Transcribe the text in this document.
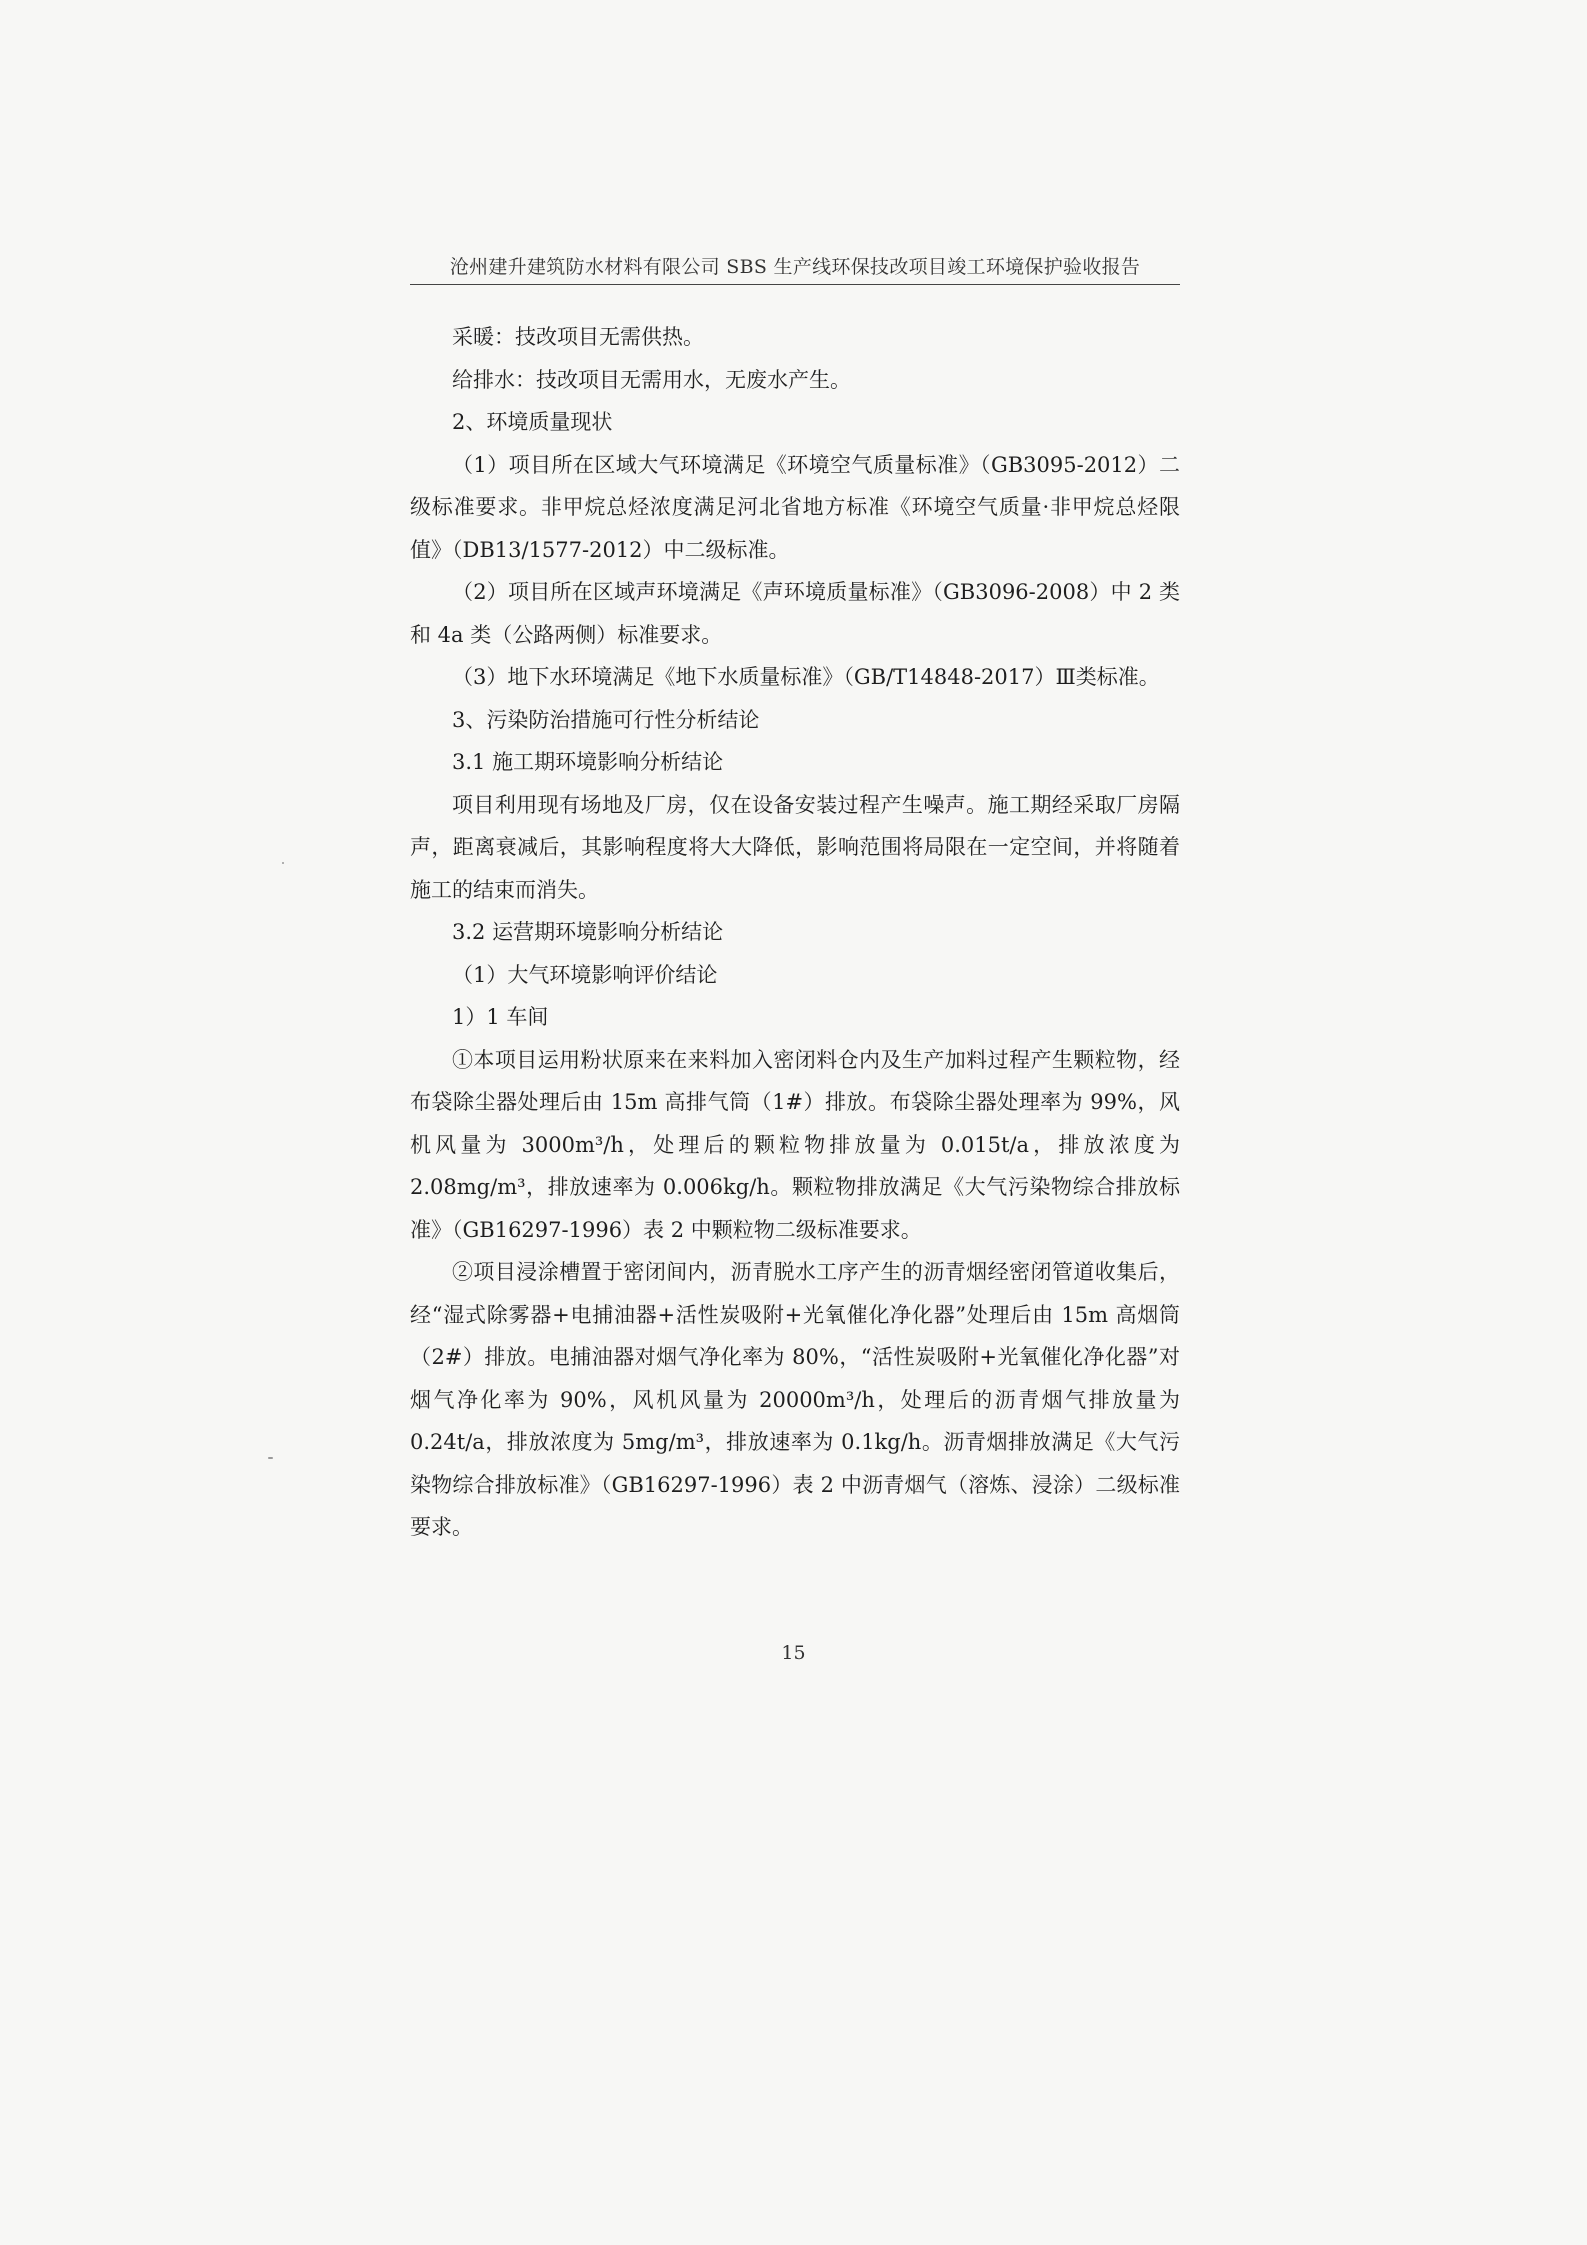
沧州建升建筑防水材料有限公司 SBS 生产线环保技改项目竣工环境保护验收报告

采暖：技改项目无需供热。

给排水：技改项目无需用水，无废水产生。

2、环境质量现状

（1）项目所在区域大气环境满足《环境空气质量标准》（GB3095-2012）二级标准要求。非甲烷总烃浓度满足河北省地方标准《环境空气质量·非甲烷总烃限值》（DB13/1577-2012）中二级标准。

（2）项目所在区域声环境满足《声环境质量标准》（GB3096-2008）中 2 类和 4a 类（公路两侧）标准要求。

（3）地下水环境满足《地下水质量标准》（GB/T14848-2017）Ⅲ类标准。

3、污染防治措施可行性分析结论

3.1 施工期环境影响分析结论

项目利用现有场地及厂房，仅在设备安装过程产生噪声。施工期经采取厂房隔声，距离衰减后，其影响程度将大大降低，影响范围将局限在一定空间，并将随着施工的结束而消失。

3.2 运营期环境影响分析结论

（1）大气环境影响评价结论

1）1 车间

①本项目运用粉状原来在来料加入密闭料仓内及生产加料过程产生颗粒物，经布袋除尘器处理后由 15m 高排气筒（1#）排放。布袋除尘器处理率为 99%，风机风量为 3000m³/h，处理后的颗粒物排放量为 0.015t/a，排放浓度为 2.08mg/m³，排放速率为 0.006kg/h。颗粒物排放满足《大气污染物综合排放标准》（GB16297-1996）表 2 中颗粒物二级标准要求。

②项目浸涂槽置于密闭间内，沥青脱水工序产生的沥青烟经密闭管道收集后，经“湿式除雾器+电捕油器+活性炭吸附+光氧催化净化器”处理后由 15m 高烟筒（2#）排放。电捕油器对烟气净化率为 80%，“活性炭吸附+光氧催化净化器”对烟气净化率为 90%，风机风量为 20000m³/h，处理后的沥青烟气排放量为 0.24t/a，排放浓度为 5mg/m³，排放速率为 0.1kg/h。沥青烟排放满足《大气污染物综合排放标准》（GB16297-1996）表 2 中沥青烟气（溶炼、浸涂）二级标准要求。

15
